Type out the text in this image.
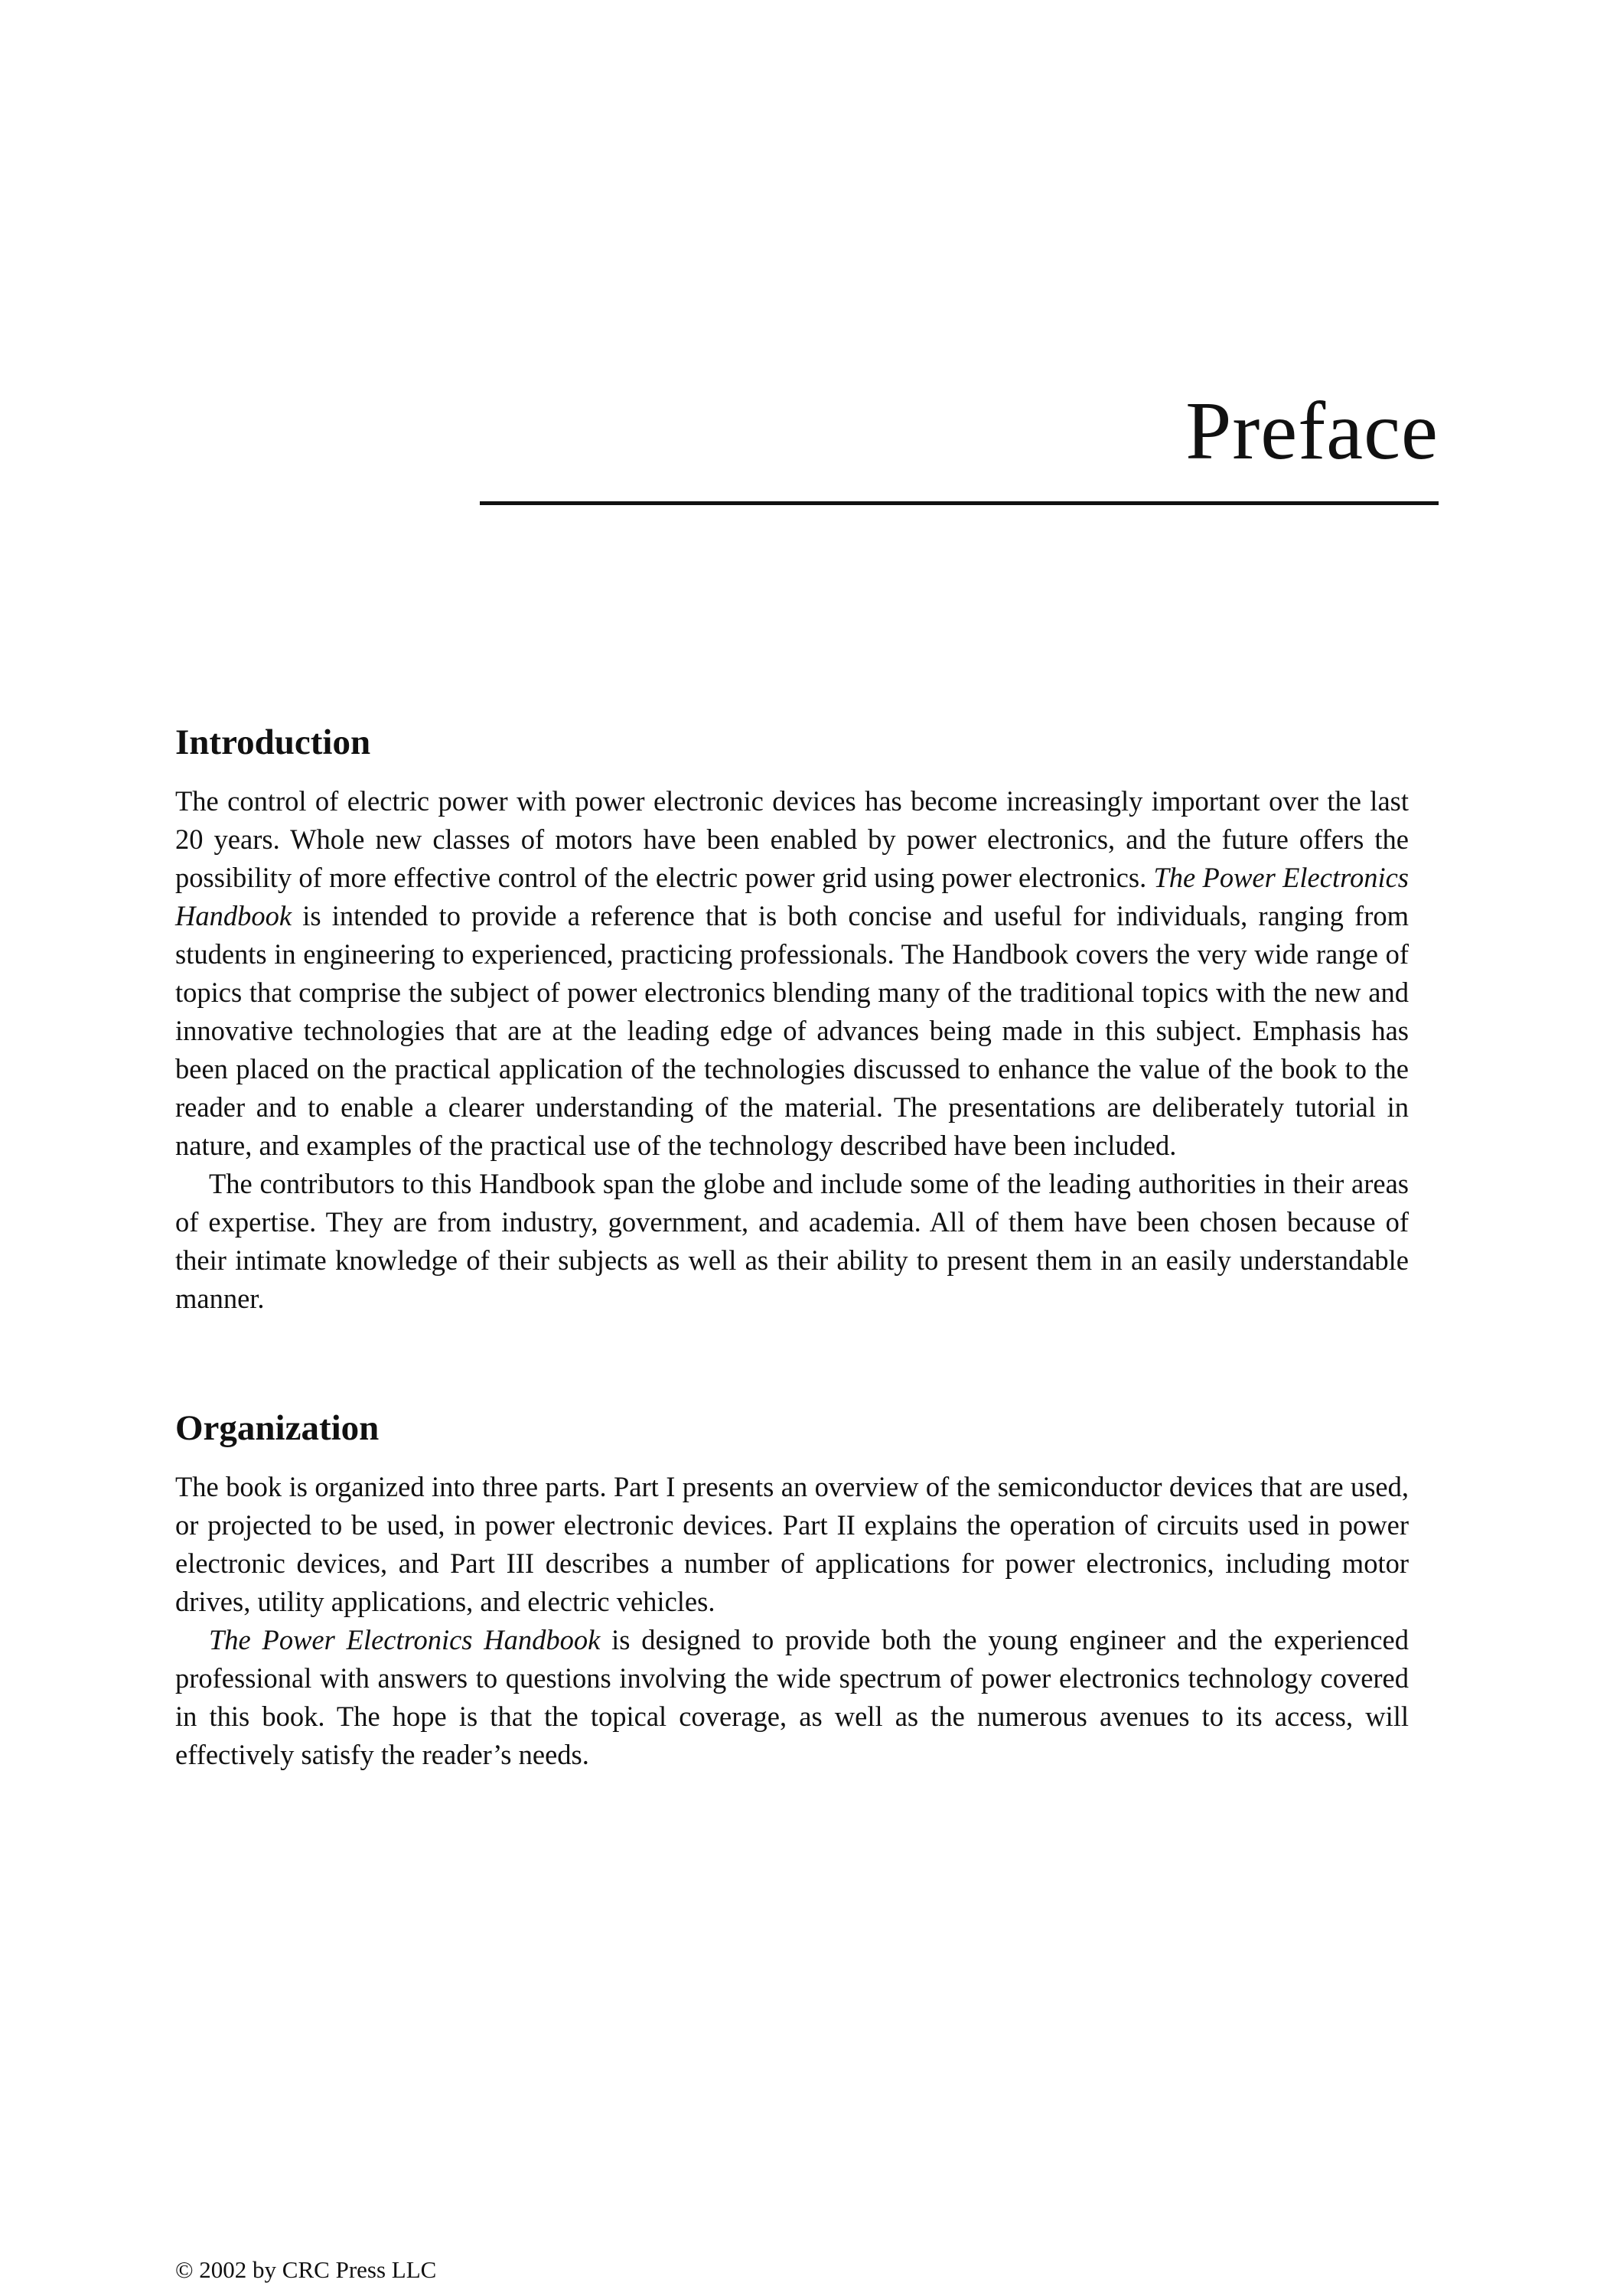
Preface
Introduction

The control of electric power with power electronic devices has become increasingly important over the last 20 years. Whole new classes of motors have been enabled by power electronics, and the future offers the possibility of more effective control of the electric power grid using power electronics. The Power Electronics Handbook is intended to provide a reference that is both concise and useful for individuals, ranging from students in engineering to experienced, practicing professionals. The Handbook covers the very wide range of topics that comprise the subject of power electronics blending many of the traditional topics with the new and innovative technologies that are at the leading edge of advances being made in this subject. Emphasis has been placed on the practical application of the technologies discussed to enhance the value of the book to the reader and to enable a clearer understanding of the material. The presentations are deliberately tutorial in nature, and examples of the practical use of the technology described have been included.

The contributors to this Handbook span the globe and include some of the leading authorities in their areas of expertise. They are from industry, government, and academia. All of them have been chosen because of their intimate knowledge of their subjects as well as their ability to present them in an easily understandable manner.

Organization

The book is organized into three parts. Part I presents an overview of the semiconductor devices that are used, or projected to be used, in power electronic devices. Part II explains the operation of circuits used in power electronic devices, and Part III describes a number of applications for power electronics, including motor drives, utility applications, and electric vehicles.

The Power Electronics Handbook is designed to provide both the young engineer and the experienced professional with answers to questions involving the wide spectrum of power electronics technology covered in this book. The hope is that the topical coverage, as well as the numerous avenues to its access, will effectively satisfy the reader’s needs.

© 2002 by CRC Press LLC
